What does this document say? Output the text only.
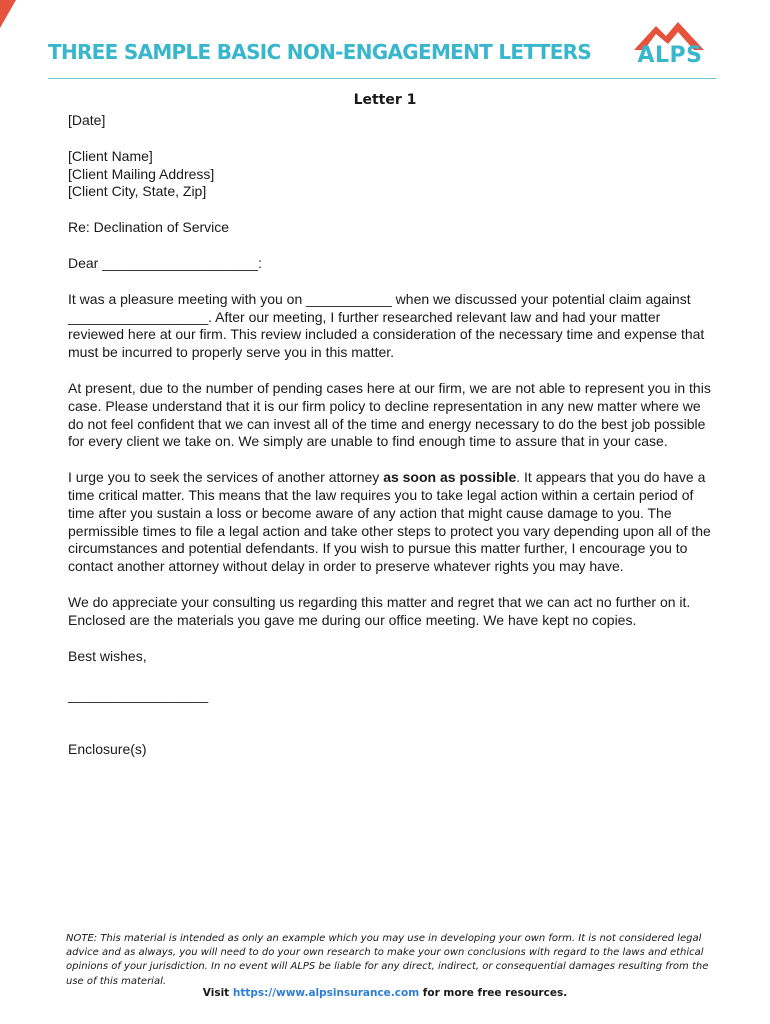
THREE SAMPLE BASIC NON-ENGAGEMENT LETTERS	ALPS
Letter 1

[Date]

[Client Name]

[Client Mailing Address]

[Client City, State, Zip]

Re: Declination of Service

Dear ____________________:

It was a pleasure meeting with you on ___________ when we discussed your potential claim against __________________. After our meeting, I further researched relevant law and had your matter reviewed here at our firm. This review included a consideration of the necessary time and expense that must be incurred to properly serve you in this matter.

At present, due to the number of pending cases here at our firm, we are not able to represent you in this case. Please understand that it is our firm policy to decline representation in any new matter where we do not feel confident that we can invest all of the time and energy necessary to do the best job possible for every client we take on. We simply are unable to find enough time to assure that in your case.

I urge you to seek the services of another attorney as soon as possible. It appears that you do have a time critical matter. This means that the law requires you to take legal action within a certain period of time after you sustain a loss or become aware of any action that might cause damage to you. The permissible times to file a legal action and take other steps to protect you vary depending upon all of the circumstances and potential defendants. If you wish to pursue this matter further, I encourage you to contact another attorney without delay in order to preserve whatever rights you may have.

We do appreciate your consulting us regarding this matter and regret that we can act no further on it. Enclosed are the materials you gave me during our office meeting. We have kept no copies.

Best wishes,

__________________

Enclosure(s)

NOTE: This material is intended as only an example which you may use in developing your own form. It is not considered legal advice and as always, you will need to do your own research to make your own conclusions with regard to the laws and ethical opinions of your jurisdiction. In no event will ALPS be liable for any direct, indirect, or consequential damages resulting from the use of this material.

Visit https://www.alpsinsurance.com for more free resources.
